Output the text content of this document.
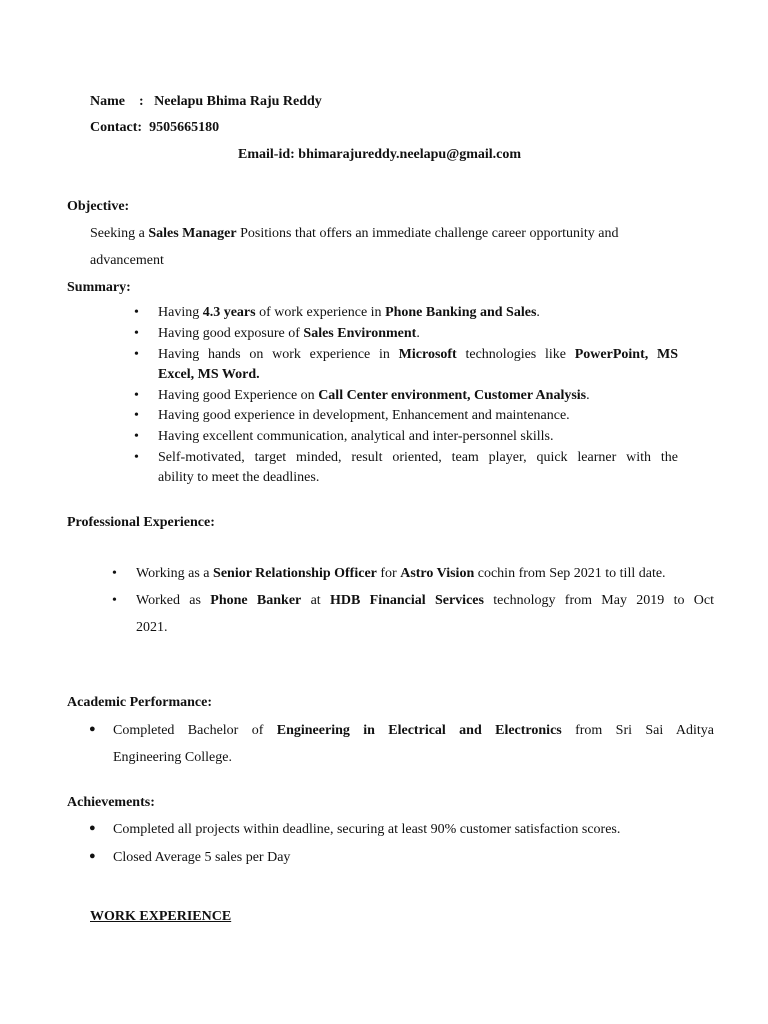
Name : Neelapu Bhima Raju Reddy
Contact: 9505665180
Email-id: bhimarajureddy.neelapu@gmail.com
Objective:
Seeking a Sales Manager Positions that offers an immediate challenge career opportunity and
advancement
Summary:
• Having 4.3 years of work experience in Phone Banking and Sales.
• Having good exposure of Sales Environment.
• Having hands on work experience in Microsoft technologies like PowerPoint, MS
Excel, MS Word.
• Having good Experience on Call Center environment, Customer Analysis.
• Having good experience in development, Enhancement and maintenance.
• Having excellent communication, analytical and inter-personnel skills.
• Self-motivated, target minded, result oriented, team player, quick learner with the
ability to meet the deadlines.
Professional Experience:
• Working as a Senior Relationship Officer for Astro Vision cochin from Sep 2021 to till date.
• Worked as Phone Banker at HDB Financial Services technology from May 2019 to Oct
2021.
Academic Performance:
● Completed Bachelor of Engineering in Electrical and Electronics from Sri Sai Aditya
Engineering College.
Achievements:
● Completed all projects within deadline, securing at least 90% customer satisfaction scores.
● Closed Average 5 sales per Day
WORK EXPERIENCE
